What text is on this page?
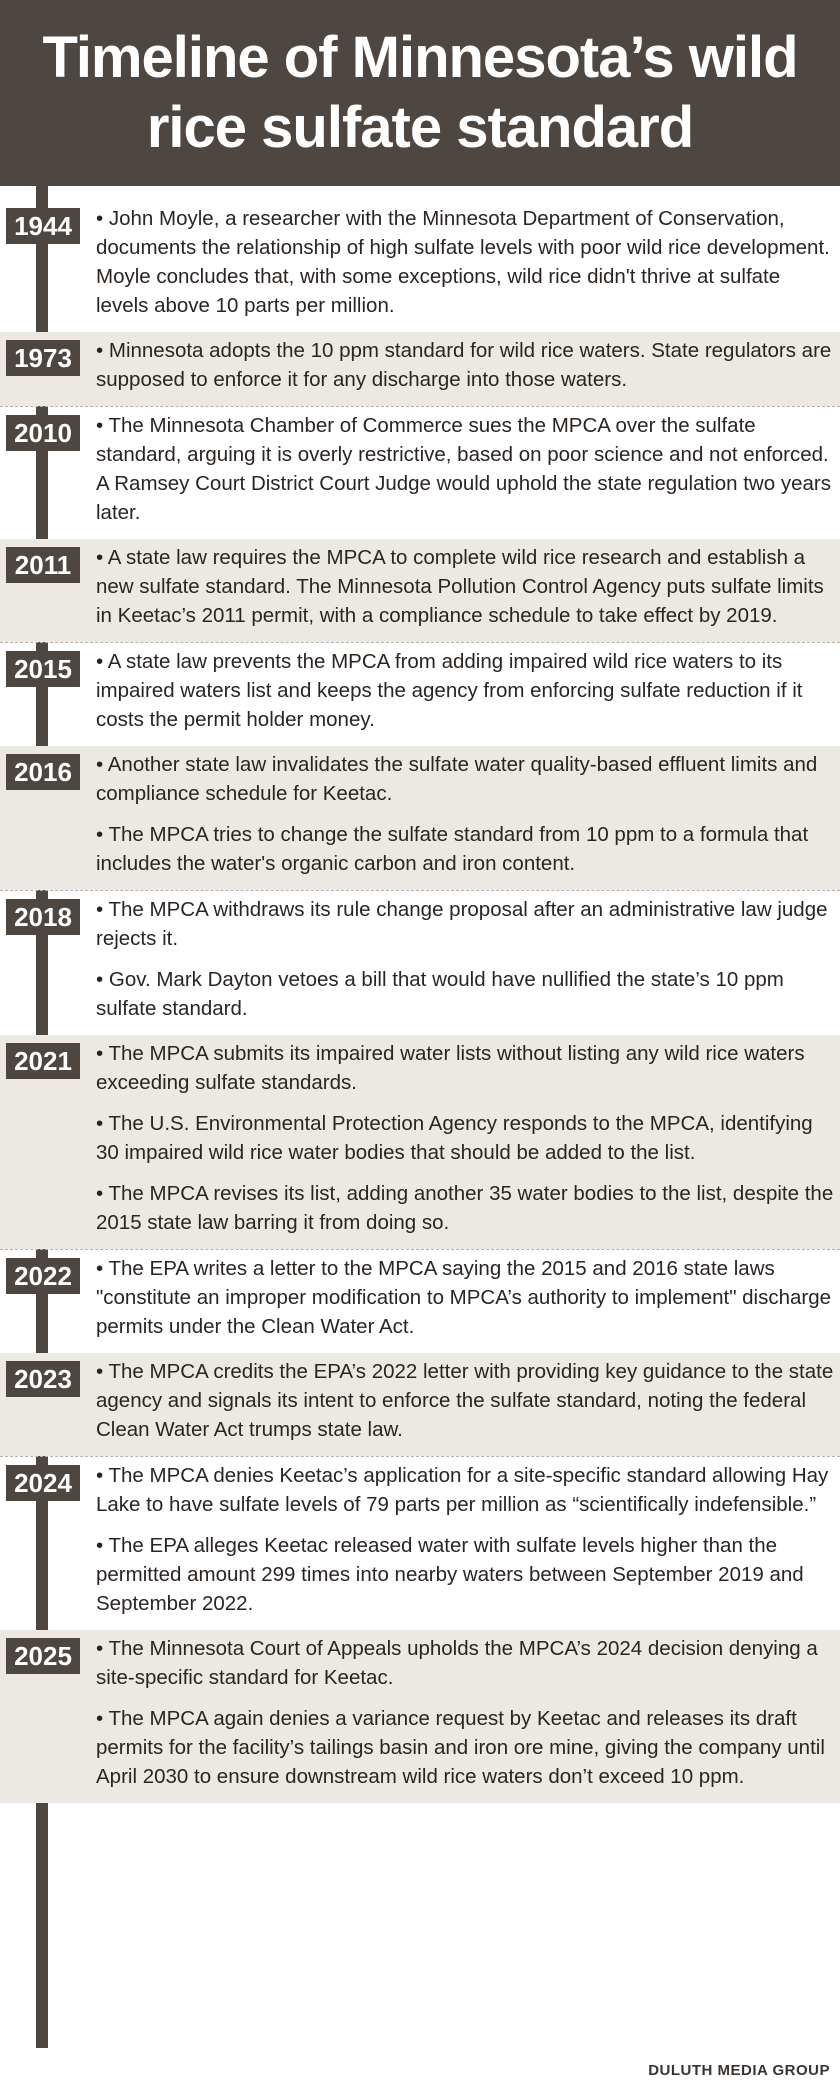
Timeline of Minnesota’s wild
rice sulfate standard
1944	• John Moyle, a researcher with the Minnesota Department of Conservation, documents the relationship of high sulfate levels with poor wild rice development. Moyle concludes that, with some exceptions, wild rice didn't thrive at sulfate levels above 10 parts per million.
1973	• Minnesota adopts the 10 ppm standard for wild rice waters. State regulators are supposed to enforce it for any discharge into those waters.
2010	• The Minnesota Chamber of Commerce sues the MPCA over the sulfate standard, arguing it is overly restrictive, based on poor science and not enforced. A Ramsey Court District Court Judge would uphold the state regulation two years later.
2011	• A state law requires the MPCA to complete wild rice research and establish a new sulfate standard. The Minnesota Pollution Control Agency puts sulfate limits in Keetac’s 2011 permit, with a compliance schedule to take effect by 2019.
2015	• A state law prevents the MPCA from adding impaired wild rice waters to its impaired waters list and keeps the agency from enforcing sulfate reduction if it costs the permit holder money.
2016	• Another state law invalidates the sulfate water quality-based effluent limits and compliance schedule for Keetac.
• The MPCA tries to change the sulfate standard from 10 ppm to a formula that includes the water's organic carbon and iron content.
2018	• The MPCA withdraws its rule change proposal after an administrative law judge rejects it.
• Gov. Mark Dayton vetoes a bill that would have nullified the state’s 10 ppm sulfate standard.
2021	• The MPCA submits its impaired water lists without listing any wild rice waters exceeding sulfate standards.
• The U.S. Environmental Protection Agency responds to the MPCA, identifying 30 impaired wild rice water bodies that should be added to the list.
• The MPCA revises its list, adding another 35 water bodies to the list, despite the 2015 state law barring it from doing so.
2022	• The EPA writes a letter to the MPCA saying the 2015 and 2016 state laws "constitute an improper modification to MPCA’s authority to implement" discharge permits under the Clean Water Act.
2023	• The MPCA credits the EPA’s 2022 letter with providing key guidance to the state agency and signals its intent to enforce the sulfate standard, noting the federal Clean Water Act trumps state law.
2024	• The MPCA denies Keetac’s application for a site-specific standard allowing Hay Lake to have sulfate levels of 79 parts per million as “scientifically indefensible.”
• The EPA alleges Keetac released water with sulfate levels higher than the permitted amount 299 times into nearby waters between September 2019 and September 2022.
2025	• The Minnesota Court of Appeals upholds the MPCA’s 2024 decision denying a site-specific standard for Keetac.
• The MPCA again denies a variance request by Keetac and releases its draft permits for the facility’s tailings basin and iron ore mine, giving the company until April 2030 to ensure downstream wild rice waters don’t exceed 10 ppm.
DULUTH MEDIA GROUP
